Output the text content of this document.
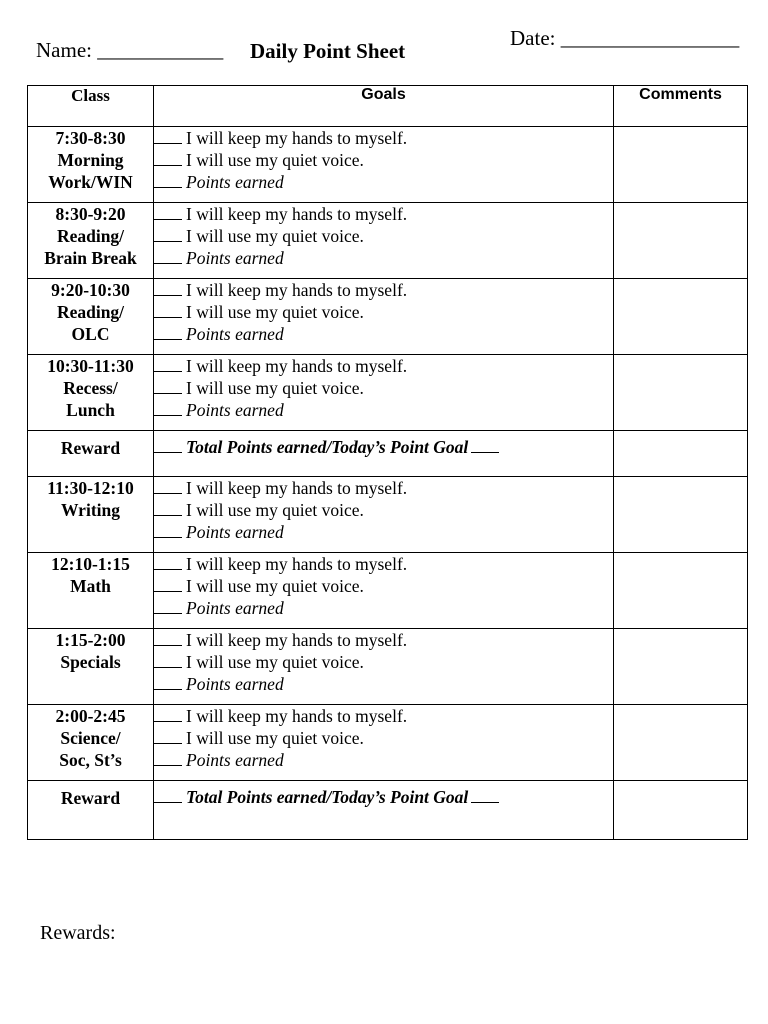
Name: ____________ Daily Point Sheet
Date: _________________
Class	Goals	Comments

7:30-8:30
Morning
Work/WIN	I will keep my hands to myself.
I will use my quiet voice.
Points earned	

8:30-9:20
Reading/
Brain Break	I will keep my hands to myself.
I will use my quiet voice.
Points earned	

9:20-10:30
Reading/
OLC	I will keep my hands to myself.
I will use my quiet voice.
Points earned	

10:30-11:30
Recess/
Lunch	I will keep my hands to myself.
I will use my quiet voice.
Points earned	

Reward	Total Points earned/Today’s Point Goal	

11:30-12:10
Writing	I will keep my hands to myself.
I will use my quiet voice.
Points earned	

12:10-1:15
Math	I will keep my hands to myself.
I will use my quiet voice.
Points earned	

1:15-2:00
Specials	I will keep my hands to myself.
I will use my quiet voice.
Points earned	

2:00-2:45
Science/
Soc, St’s	I will keep my hands to myself.
I will use my quiet voice.
Points earned	

Reward	Total Points earned/Today’s Point Goal	

Rewards:
